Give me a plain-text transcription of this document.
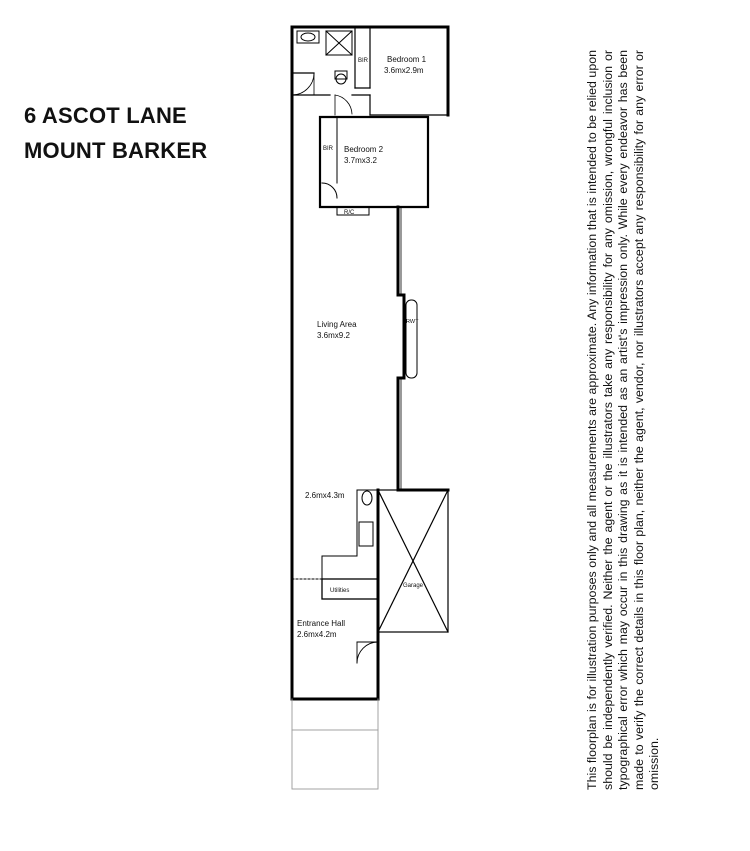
6 ASCOT LANE
MOUNT BARKER
Bedroom 1
3.6mx2.9m
BIR
Bedroom 2
3.7mx3.2
BIR
R/C
Living Area
3.6mx9.2
RWT
2.6mx4.3m
Utilities
Garage
Entrance Hall
2.6mx4.2m	This floorplan is for illustration purposes only and all measurements are approximate. Any information that is intended to be relied upon should be independently verified. Neither the agent or the illustrators take any responsibility for any omission, wrongful inclusion or typographical error which may occur in this drawing as it is intended as an artist's impression only. While every endeavor has been made to verify the correct details in this floor plan, neither the agent, vendor, nor illustrators accept any responsibility for any error or omission.
